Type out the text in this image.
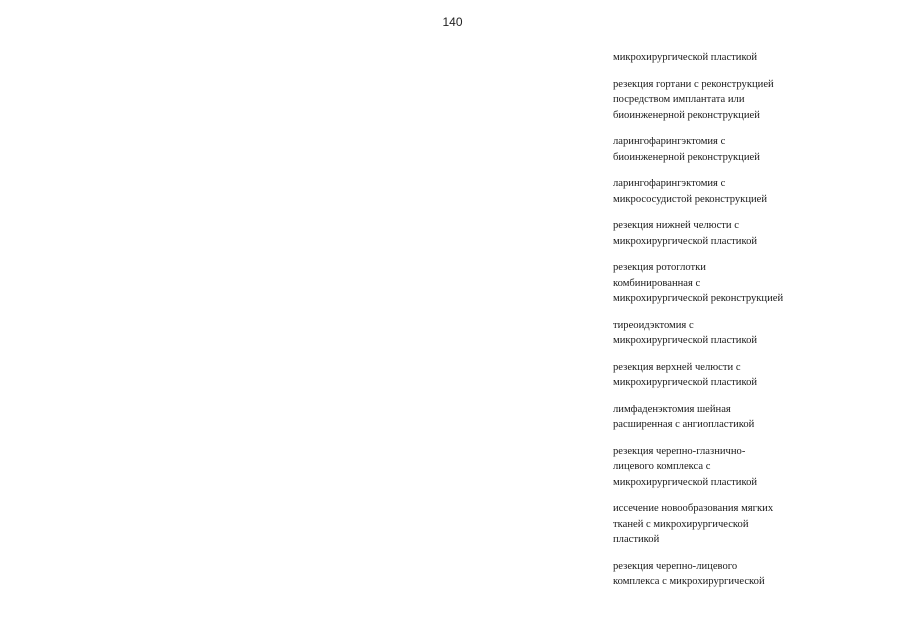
140
микрохирургической пластикой
резекция гортани с реконструкцией
посредством имплантата или
биоинженерной реконструкцией
ларингофарингэктомия с
биоинженерной реконструкцией
ларингофарингэктомия с
микрососудистой реконструкцией
резекция нижней челюсти с
микрохирургической пластикой
резекция ротоглотки
комбинированная с
микрохирургической реконструкцией
тиреоидэктомия с
микрохирургической пластикой
резекция верхней челюсти с
микрохирургической пластикой
лимфаденэктомия шейная
расширенная с ангиопластикой
резекция черепно-глазнично-
лицевого комплекса с
микрохирургической пластикой
иссечение новообразования мягких
тканей с микрохирургической
пластикой
резекция черепно-лицевого
комплекса с микрохирургической
